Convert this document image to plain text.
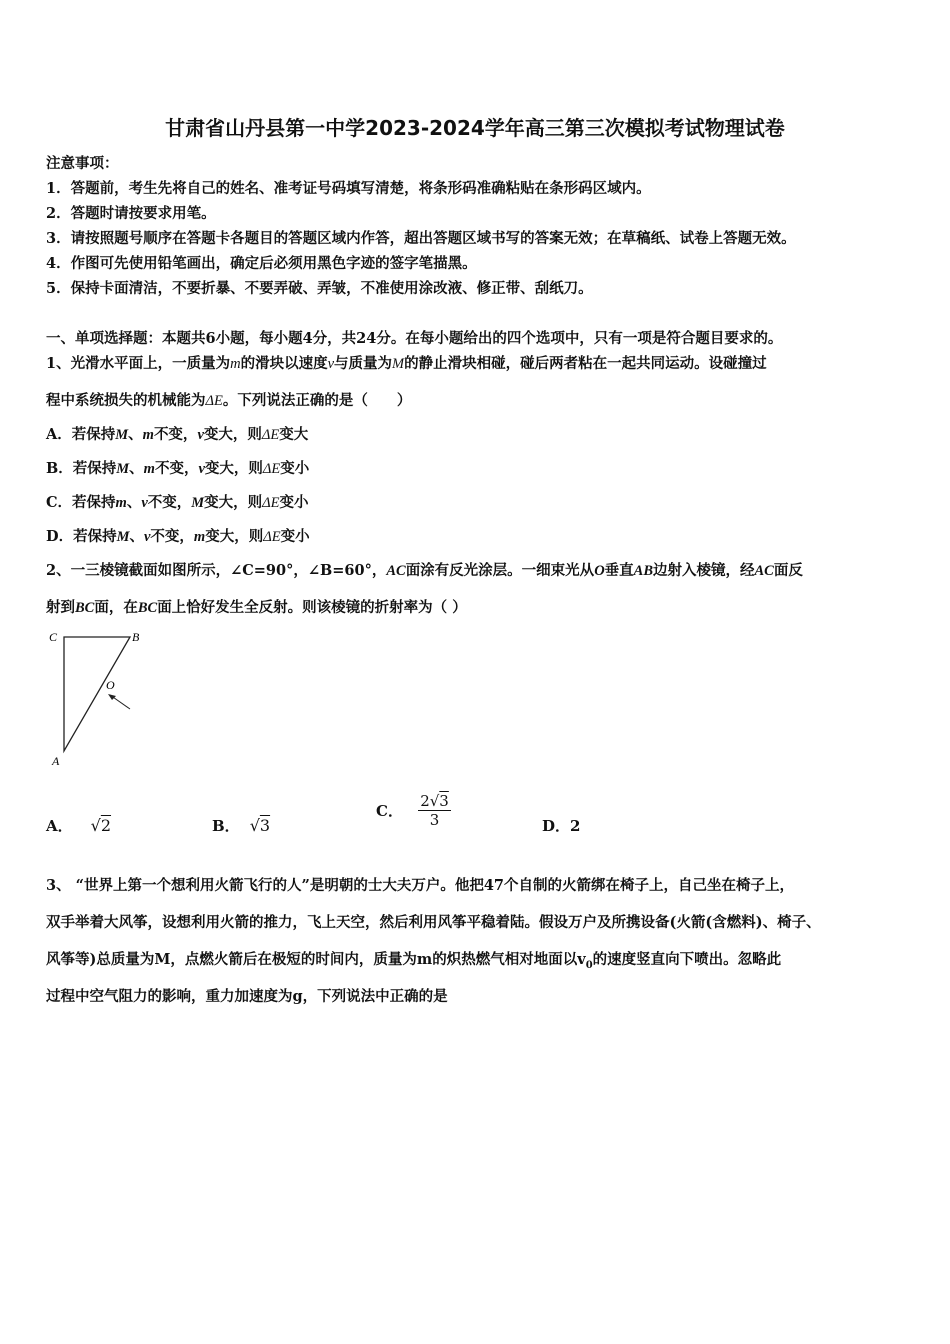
甘肃省山丹县第一中学2023-2024学年高三第三次模拟考试物理试卷
注意事项：
1．答题前，考生先将自己的姓名、准考证号码填写清楚，将条形码准确粘贴在条形码区域内。
2．答题时请按要求用笔。
3．请按照题号顺序在答题卡各题目的答题区域内作答，超出答题区域书写的答案无效；在草稿纸、试卷上答题无效。
4．作图可先使用铅笔画出，确定后必须用黑色字迹的签字笔描黑。
5．保持卡面清洁，不要折暴、不要弄破、弄皱，不准使用涂改液、修正带、刮纸刀。
一、单项选择题：本题共6小题，每小题4分，共24分。在每小题给出的四个选项中，只有一项是符合题目要求的。
1、光滑水平面上，一质量为m的滑块以速度v与质量为M的静止滑块相碰，碰后两者粘在一起共同运动。设碰撞过
程中系统损失的机械能为ΔE。下列说法正确的是（　　）
A．若保持M、m不变，v变大，则ΔE变大
B．若保持M、m不变，v变大，则ΔE变小
C．若保持m、v不变，M变大，则ΔE变小
D．若保持M、v不变，m变大，则ΔE变小
2、一三棱镜截面如图所示，∠C=90°，∠B=60°，AC面涂有反光涂层。一细束光从O垂直AB边射入棱镜，经AC面反
射到BC面，在BC面上恰好发生全反射。则该棱镜的折射率为（ ）
C	B
O
A
A． √2	B． √3
C． $\frac{2√3}{3}$	D．2
3、 “世界上第一个想利用火箭飞行的人”是明朝的士大夫万户。他把47个自制的火箭绑在椅子上，自己坐在椅子上，
双手举着大风筝，设想利用火箭的推力，飞上天空，然后利用风筝平稳着陆。假设万户及所携设备(火箭(含燃料)、椅子、
风筝等)总质量为M，点燃火箭后在极短的时间内，质量为m的炽热燃气相对地面以$v_0$的速度竖直向下喷出。忽略此
过程中空气阻力的影响，重力加速度为g，下列说法中正确的是
